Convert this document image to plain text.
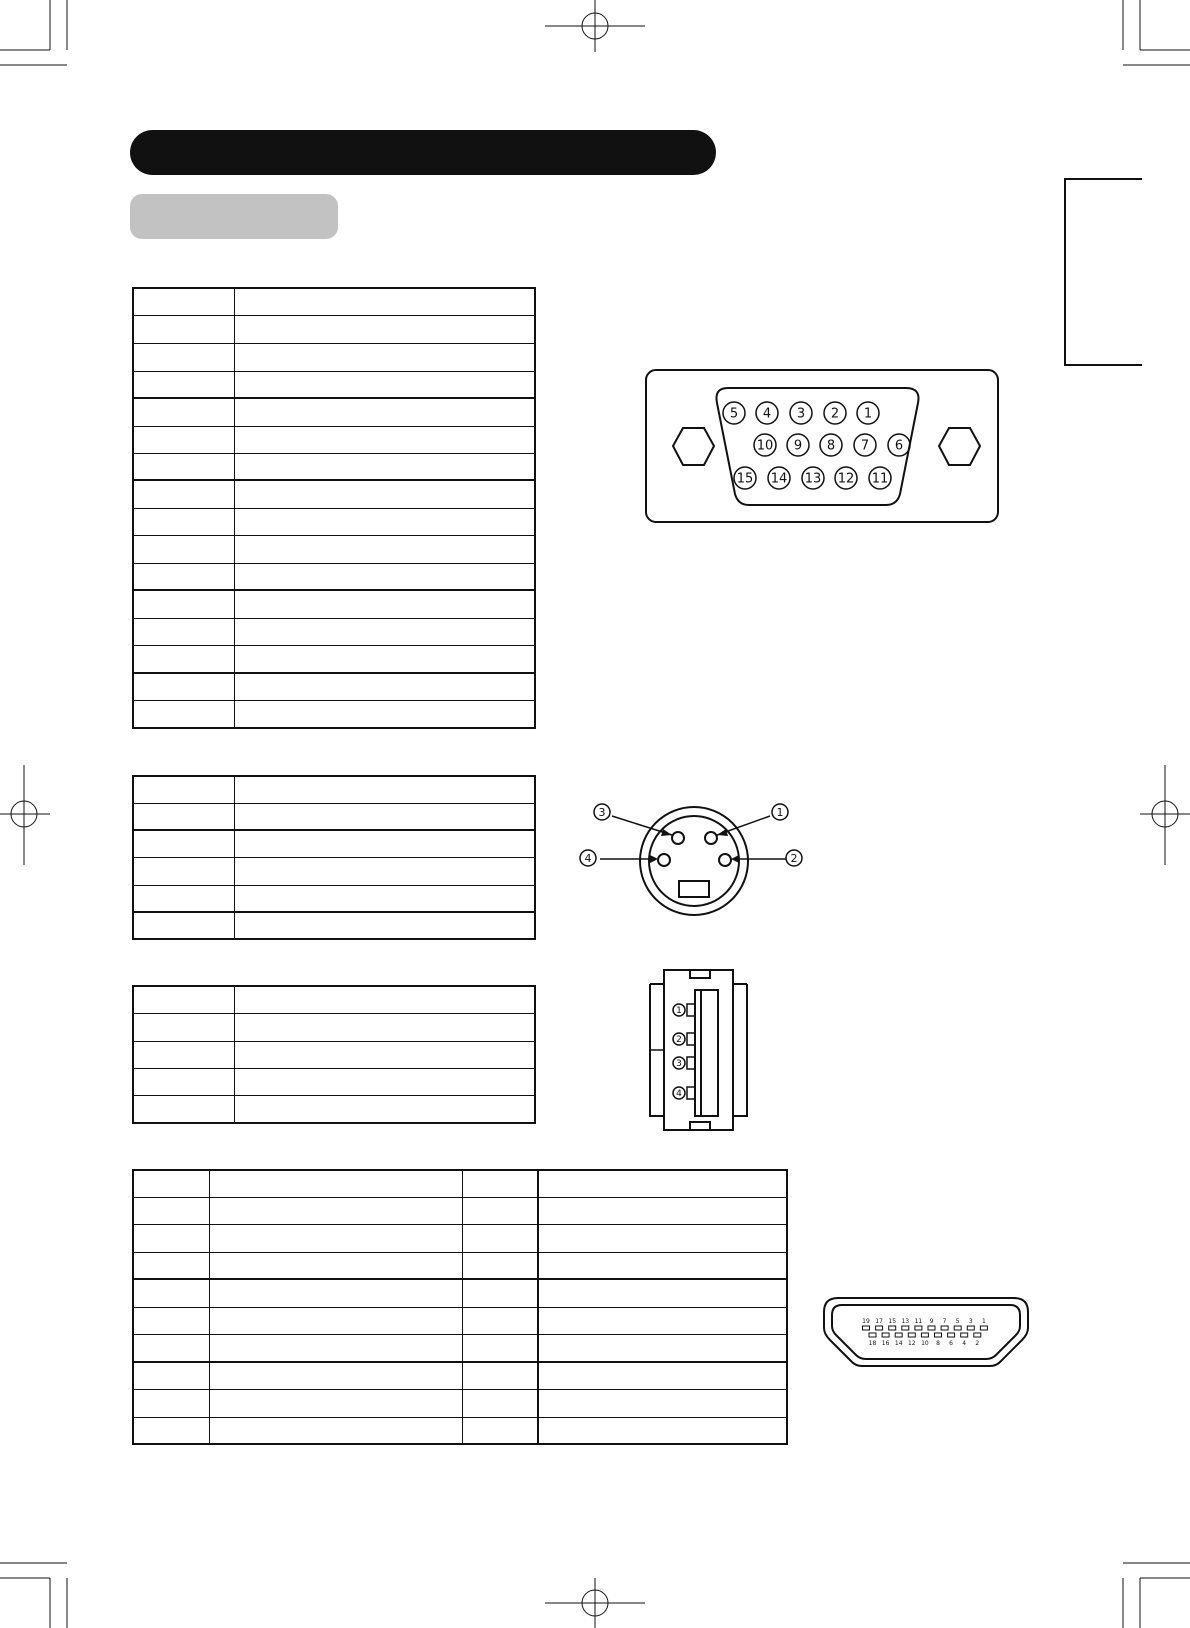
5 4 3 2 1
10 9 8 7 6
15 14 13 12 11
3	1
4	2
1
2
3
4
19 17 15 13 11 9 7 5 3 1
18 16 14 12 10 8 6 4 2
